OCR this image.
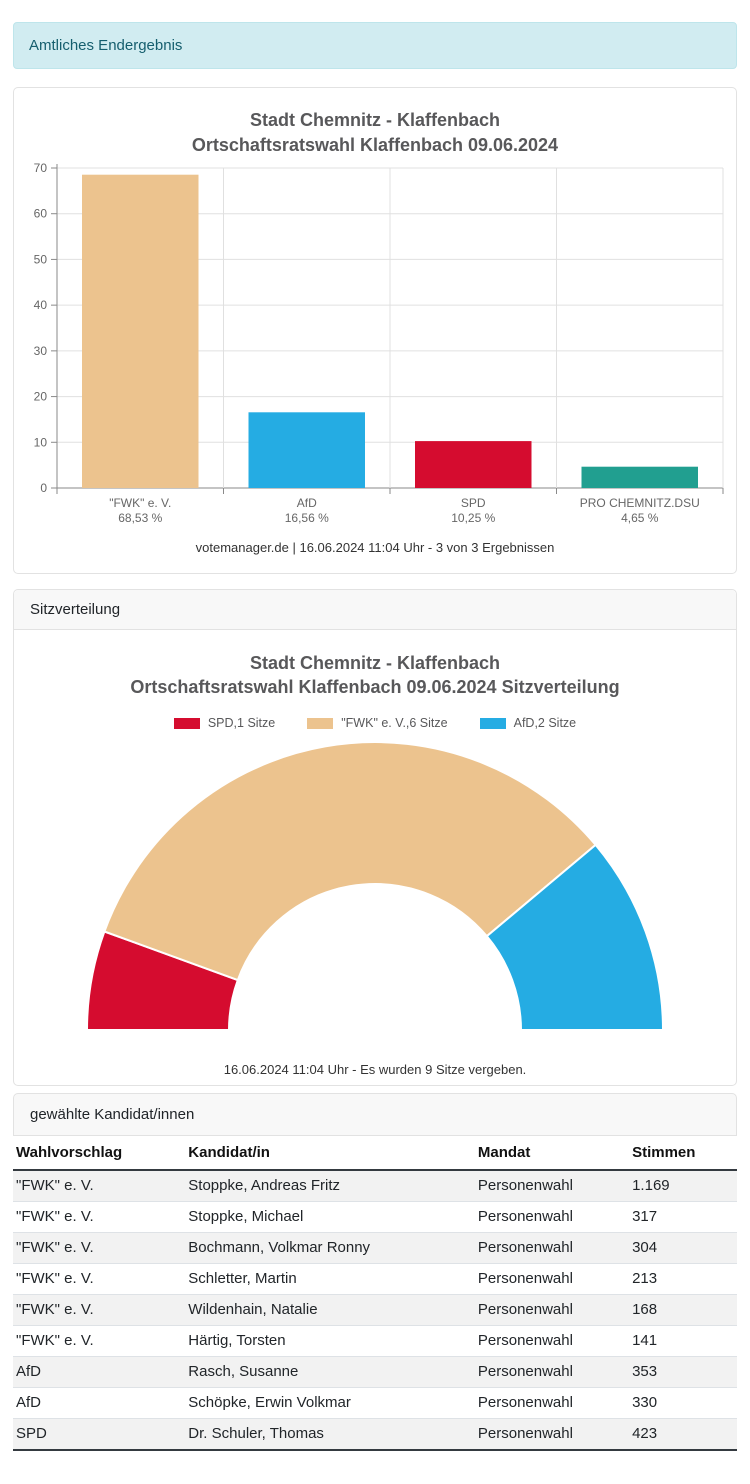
Amtliches Endergebnis
Stadt Chemnitz - Klaffenbach
Ortschaftsratswahl Klaffenbach 09.06.2024
0
10
20
30
40
50
60
70
"FWK" e. V.
68,53 %
AfD
16,56 %
SPD
10,25 %
PRO CHEMNITZ.DSU
4,65 %
votemanager.de | 16.06.2024 11:04 Uhr - 3 von 3 Ergebnissen
Sitzverteilung
Stadt Chemnitz - Klaffenbach
Ortschaftsratswahl Klaffenbach 09.06.2024 Sitzverteilung
SPD,1 Sitze	"FWK" e. V.,6 Sitze	AfD,2 Sitze
16.06.2024 11:04 Uhr - Es wurden 9 Sitze vergeben.
gewählte Kandidat/innen
Wahlvorschlag	Kandidat/in	Mandat	Stimmen
"FWK" e. V.	Stoppke, Andreas Fritz	Personenwahl	1.169
"FWK" e. V.	Stoppke, Michael	Personenwahl	317
"FWK" e. V.	Bochmann, Volkmar Ronny	Personenwahl	304
"FWK" e. V.	Schletter, Martin	Personenwahl	213
"FWK" e. V.	Wildenhain, Natalie	Personenwahl	168
"FWK" e. V.	Härtig, Torsten	Personenwahl	141
AfD	Rasch, Susanne	Personenwahl	353
AfD	Schöpke, Erwin Volkmar	Personenwahl	330
SPD	Dr. Schuler, Thomas	Personenwahl	423
